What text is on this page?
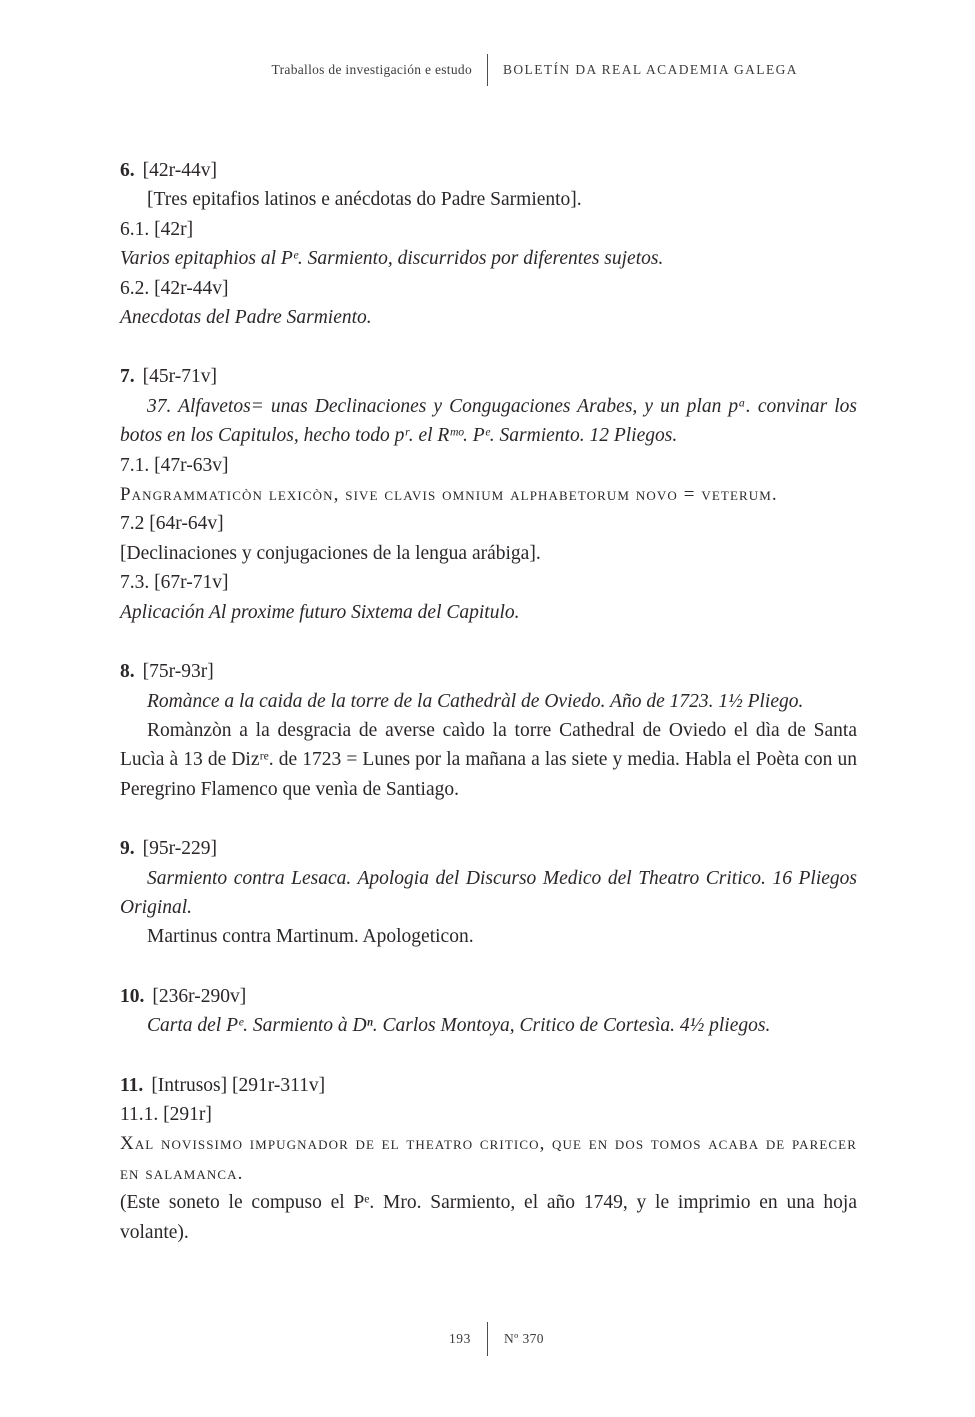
Traballos de investigación e estudo	BOLETÍN DA REAL ACADEMIA GALEGA

6. [42r-44v]

[Tres epitafios latinos e anécdotas do Padre Sarmiento].

6.1. [42r]

Varios epitaphios al Pᵉ. Sarmiento, discurridos por diferentes sujetos.

6.2. [42r-44v]

Anecdotas del Padre Sarmiento.

7. [45r-71v]

37. Alfavetos= unas Declinaciones y Congugaciones Arabes, y un plan pᵃ. convinar los botos en los Capitulos, hecho todo pʳ. el Rᵐᵒ. Pᵉ. Sarmiento. 12 Pliegos.

7.1. [47r-63v]

Pangrammaticòn lexicòn, sive clavis omnium alphabetorum novo = veterum.

7.2 [64r-64v]

[Declinaciones y conjugaciones de la lengua arábiga].

7.3. [67r-71v]

Aplicación Al proxime futuro Sixtema del Capitulo.

8. [75r-93r]

Romànce a la caida de la torre de la Cathedràl de Oviedo. Año de 1723. 1½ Pliego.

Romànzòn a la desgracia de averse caìdo la torre Cathedral de Oviedo el dìa de Santa Lucìa à 13 de Dizʳᵉ. de 1723 = Lunes por la mañana a las siete y media. Habla el Poèta con un Peregrino Flamenco que venìa de Santiago.

9. [95r-229]

Sarmiento contra Lesaca. Apologia del Discurso Medico del Theatro Critico. 16 Pliegos Original.

Martinus contra Martinum. Apologeticon.

10. [236r-290v]

Carta del Pᵉ. Sarmiento à Dⁿ. Carlos Montoya, Critico de Cortesìa. 4½ pliegos.

11. [Intrusos] [291r-311v]

11.1. [291r]

Xal novissimo impugnador de el theatro critico, que en dos tomos acaba de parecer en salamanca.

(Este soneto le compuso el Pᵉ. Mro. Sarmiento, el año 1749, y le imprimio en una hoja volante).

193	Nº 370
